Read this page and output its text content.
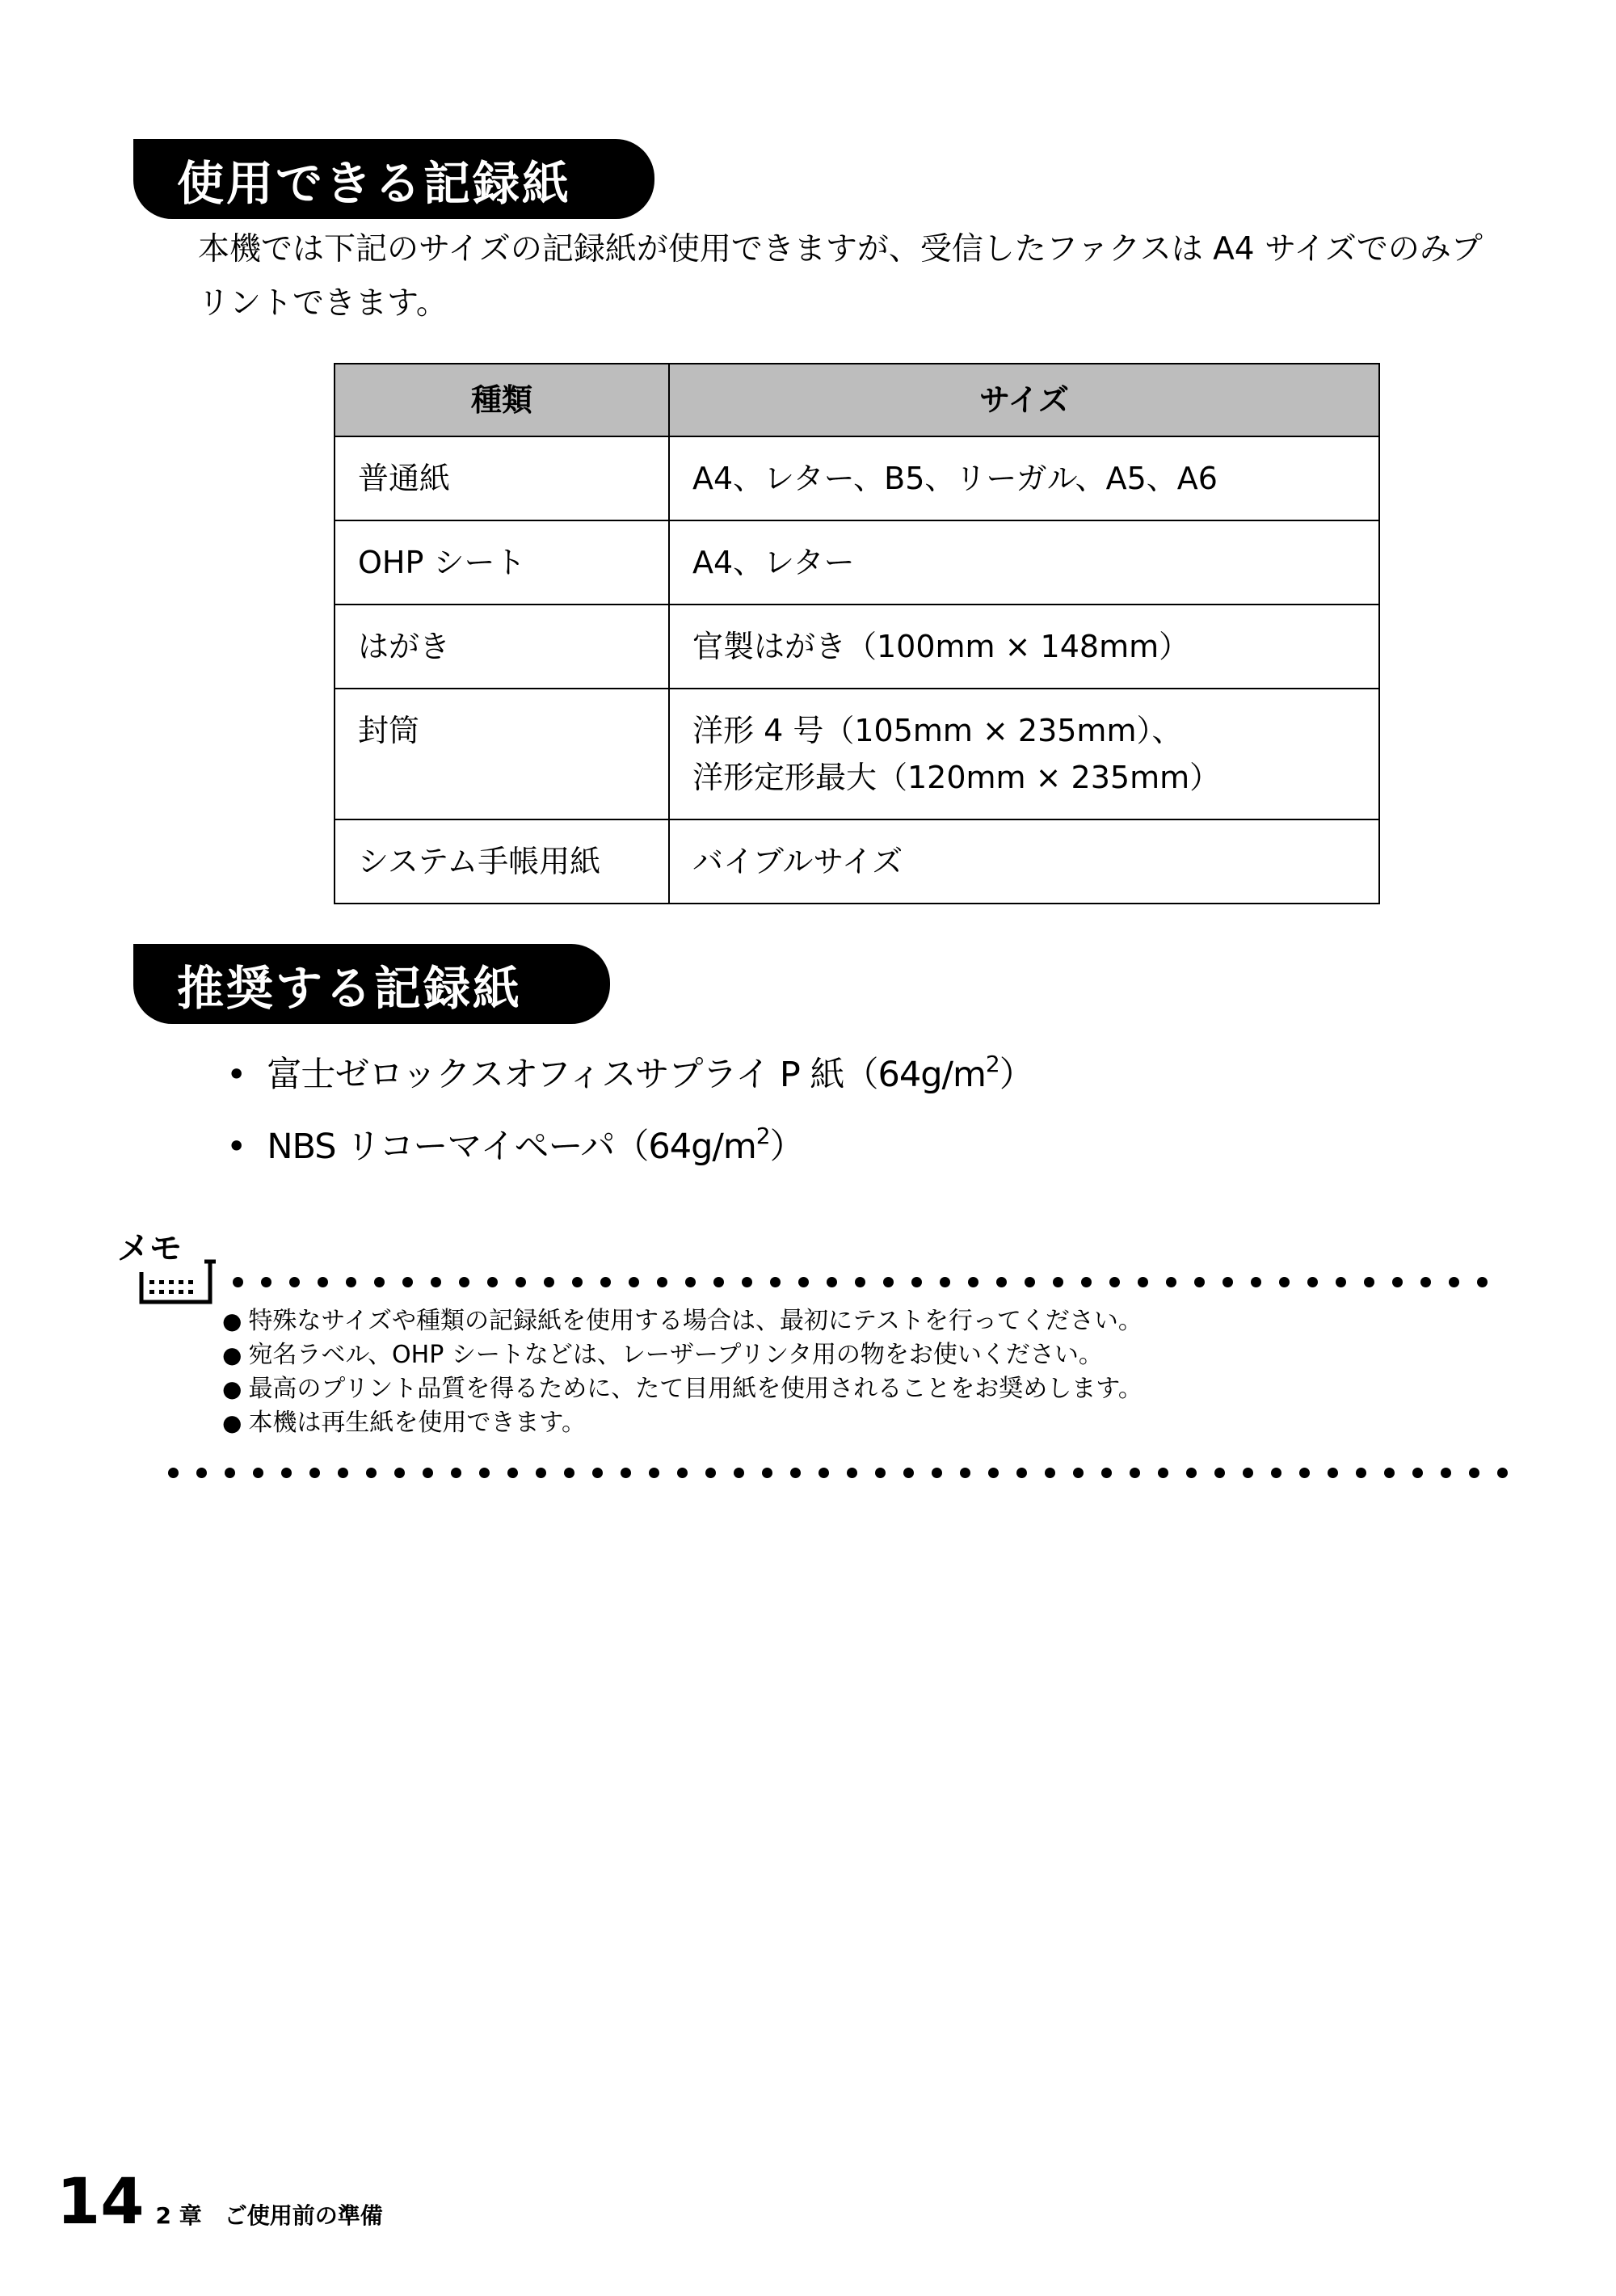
使用できる記録紙
本機では下記のサイズの記録紙が使用できますが、受信したファクスは A4 サイズでのみプリントできます。
種類	サイズ
普通紙	A4、レター、B5、リーガル、A5、A6

OHP シート	A4、レター

はがき	官製はがき（100mm × 148mm）

封筒	洋形 4 号（105mm × 235mm）、
洋形定形最大（120mm × 235mm）

システム手帳用紙	バイブルサイズ
推奨する記録紙
• 富士ゼロックスオフィスサプライ P 紙$(64g/m^2)$
• NBS リコーマイペーパ$(64g/m^2)$
メモ
● 特殊なサイズや種類の記録紙を使用する場合は、最初にテストを行ってください。
● 宛名ラベル、OHP シートなどは、レーザープリンタ用の物をお使いください。
● 最高のプリント品質を得るために、たて目用紙を使用されることをお奨めします。
● 本機は再生紙を使用できます。
14 2 章　ご使用前の準備
